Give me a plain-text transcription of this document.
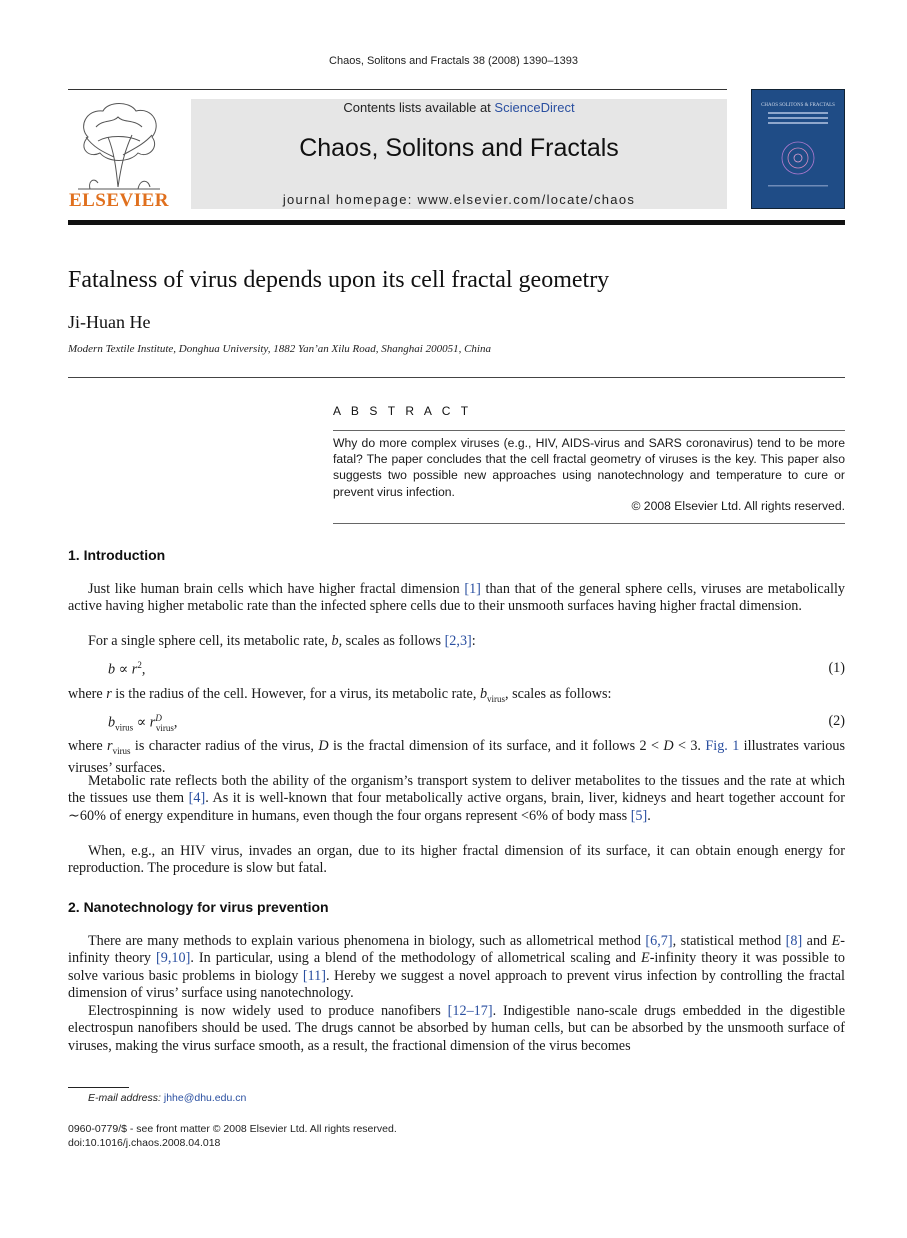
Chaos, Solitons and Fractals 38 (2008) 1390–1393
ELSEVIER
Contents lists available at ScienceDirect
Chaos, Solitons and Fractals
journal homepage: www.elsevier.com/locate/chaos
CHAOS SOLITONS & FRACTALS
Fatalness of virus depends upon its cell fractal geometry
Ji-Huan He
Modern Textile Institute, Donghua University, 1882 Yan’an Xilu Road, Shanghai 200051, China
A B S T R A C T
Why do more complex viruses (e.g., HIV, AIDS-virus and SARS coronavirus) tend to be more fatal? The paper concludes that the cell fractal geometry of viruses is the key. This paper also suggests two possible new approaches using nanotechnology and temperature to cure or prevent virus infection.
© 2008 Elsevier Ltd. All rights reserved.
1. Introduction
Just like human brain cells which have higher fractal dimension [1] than that of the general sphere cells, viruses are metabolically active having higher metabolic rate than the infected sphere cells due to their unsmooth surfaces having higher fractal dimension.
For a single sphere cell, its metabolic rate, b, scales as follows [2,3]:
$b \propto r^2$,	(1)
where r is the radius of the cell. However, for a virus, its metabolic rate, $b_{virus}$, scales as follows:
$b_{virus} \propto r^D_{virus}$,	(2)
where $r_{virus}$ is character radius of the virus, D is the fractal dimension of its surface, and it follows 2 < D < 3. Fig. 1 illustrates various viruses’ surfaces.
Metabolic rate reflects both the ability of the organism’s transport system to deliver metabolites to the tissues and the rate at which the tissues use them [4]. As it is well-known that four metabolically active organs, brain, liver, kidneys and heart together account for ∼60% of energy expenditure in humans, even though the four organs represent <6% of body mass [5].
When, e.g., an HIV virus, invades an organ, due to its higher fractal dimension of its surface, it can obtain enough energy for reproduction. The procedure is slow but fatal.
2. Nanotechnology for virus prevention
There are many methods to explain various phenomena in biology, such as allometrical method [6,7], statistical method [8] and E-infinity theory [9,10]. In particular, using a blend of the methodology of allometrical scaling and E-infinity theory it was possible to solve various basic problems in biology [11]. Hereby we suggest a novel approach to prevent virus infection by controlling the fractal dimension of virus’ surface using nanotechnology.
Electrospinning is now widely used to produce nanofibers [12–17]. Indigestible nano-scale drugs embedded in the digestible electrospun nanofibers should be used. The drugs cannot be absorbed by human cells, but can be absorbed by the unsmooth surface of viruses, making the virus surface smooth, as a result, the fractional dimension of the virus becomes
E-mail address: jhhe@dhu.edu.cn
0960-0779/$ - see front matter © 2008 Elsevier Ltd. All rights reserved.
doi:10.1016/j.chaos.2008.04.018
